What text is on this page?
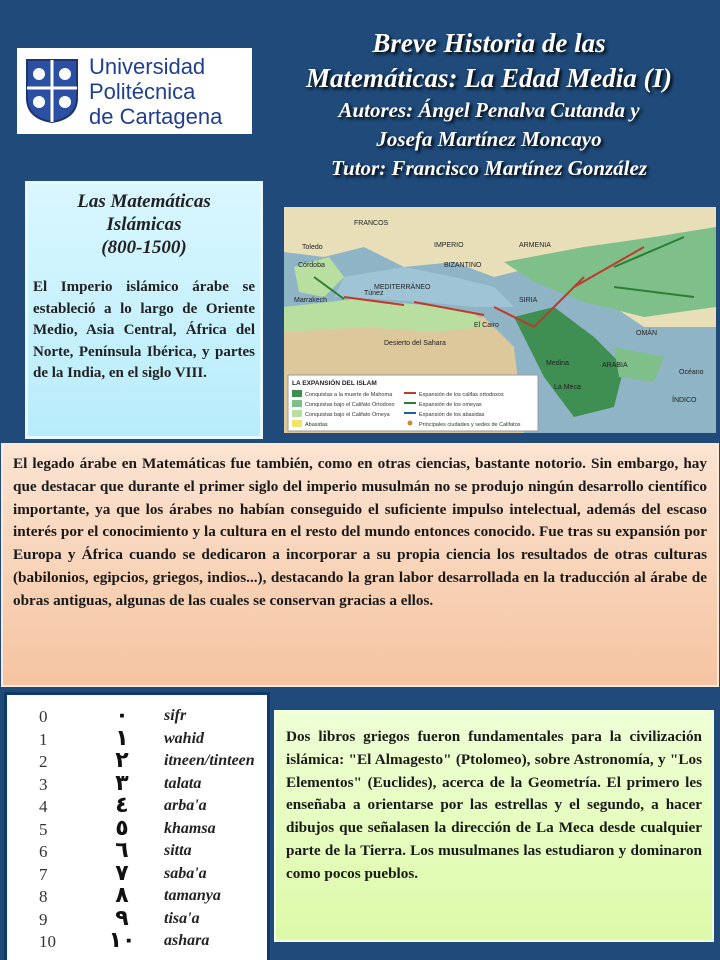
Universidad
Politécnica
de Cartagena
Breve Historia de las
Matemáticas: La Edad Media (I)
Autores: Ángel Penalva Cutanda y
Josefa Martínez Moncayo
Tutor: Francisco Martínez González
Las Matemáticas
Islámicas
(800-1500)
El Imperio islámico árabe se estableció a lo largo de Oriente Medio, Asia Central, África del Norte, Península Ibérica, y partes de la India, en el siglo VIII.
FRANCOS
IMPERIO
BIZANTINO
ARMENIA
MEDITERRÁNEO
Desierto del Sahara
Océano
ÍNDICO
ARABIA
La Meca
Medina
SIRIA
OMÁN
Toledo
Córdoba
Túnez
El Cairo
Marrakech
LA EXPANSIÓN DEL ISLAM
Conquistas a la muerte de Mahoma
Conquistas bajo el Califato Ortodoxo
Conquistas bajo el Califato Omeya
Abasidas
Expansión de los califas ortodoxos
Expansión de los omeyas
Expansión de los abasidas
Principales ciudades y sedes de Califatos
El legado árabe en Matemáticas fue también, como en otras ciencias, bastante notorio. Sin embargo, hay que destacar que durante el primer siglo del imperio musulmán no se produjo ningún desarrollo científico importante, ya que los árabes no habían conseguido el suficiente impulso intelectual, además del escaso interés por el conocimiento y la cultura en el resto del mundo entonces conocido. Fue tras su expansión por Europa y África cuando se dedicaron a incorporar a su propia ciencia los resultados de otras culturas (babilonios, egipcios, griegos, indios...), destacando la gran labor desarrollada en la traducción al árabe de obras antiguas, algunas de las cuales se conservan gracias a ellos.
0	٠	sifr
1	١	wahid
2	٢	itneen/tinteen
3	٣	talata
4	٤	arba'a
5	٥	khamsa
6	٦	sitta
7	٧	saba'a
8	٨	tamanya
9	٩	tisa'a
10	١٠	ashara
Dos libros griegos fueron fundamentales para la civilización islámica: "El Almagesto" (Ptolomeo), sobre Astronomía, y "Los Elementos" (Euclides), acerca de la Geometría. El primero les enseñaba a orientarse por las estrellas y el segundo, a hacer dibujos que señalasen la dirección de La Meca desde cualquier parte de la Tierra. Los musulmanes las estudiaron y dominaron como pocos pueblos.
